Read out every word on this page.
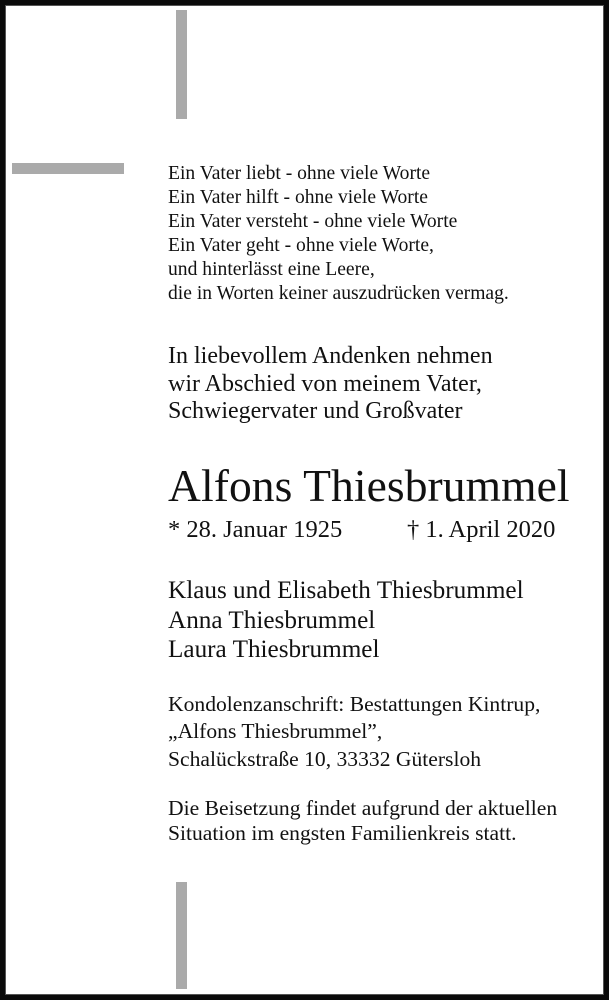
Ein Vater liebt - ohne viele Worte
Ein Vater hilft - ohne viele Worte
Ein Vater versteht - ohne viele Worte
Ein Vater geht - ohne viele Worte,
und hinterlässt eine Leere,
die in Worten keiner auszudrücken vermag.
In liebevollem Andenken nehmen
wir Abschied von meinem Vater,
Schwiegervater und Großvater
Alfons Thiesbrummel
* 28. Januar 1925	† 1. April 2020
Klaus und Elisabeth Thiesbrummel
Anna Thiesbrummel
Laura Thiesbrummel
Kondolenzanschrift: Bestattungen Kintrup,
„Alfons Thiesbrummel”,
Schalückstraße 10, 33332 Gütersloh
Die Beisetzung findet aufgrund der aktuellen
Situation im engsten Familienkreis statt.
